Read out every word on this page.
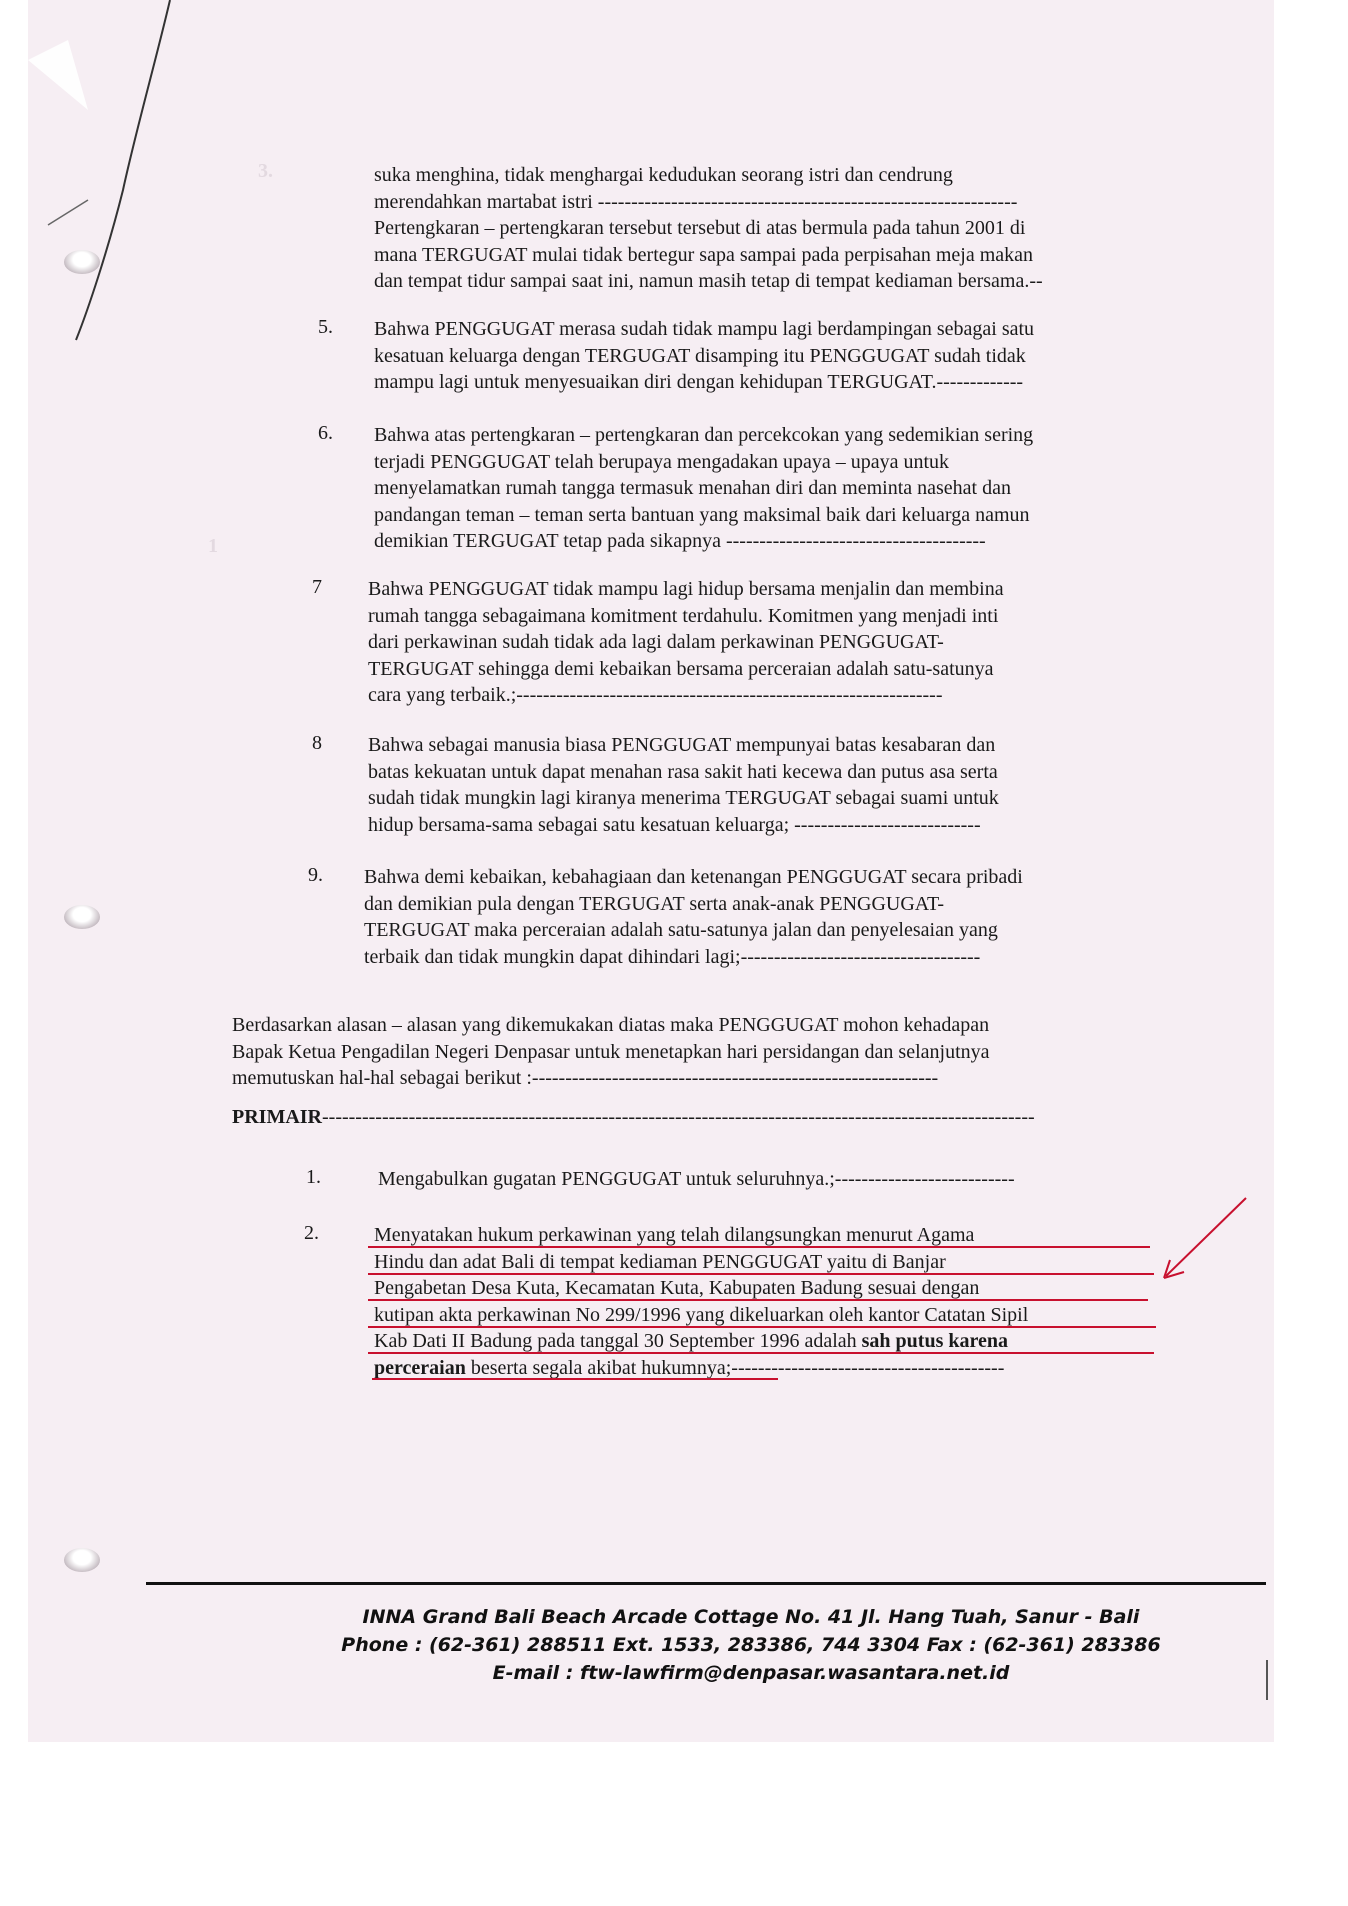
3.
1
suka menghina, tidak menghargai kedudukan seorang istri dan cendrung
merendahkan martabat istri ---------------------------------------------------------------
Pertengkaran – pertengkaran tersebut tersebut di atas bermula pada tahun 2001 di
mana TERGUGAT mulai tidak bertegur sapa sampai pada perpisahan meja makan
dan tempat tidur sampai saat ini, namun masih tetap di tempat kediaman bersama.--
5. Bahwa PENGGUGAT merasa sudah tidak mampu lagi berdampingan sebagai satu
kesatuan keluarga dengan TERGUGAT disamping itu PENGGUGAT sudah tidak
mampu lagi untuk menyesuaikan diri dengan kehidupan TERGUGAT.-------------
6. Bahwa atas pertengkaran – pertengkaran dan percekcokan yang sedemikian sering
terjadi PENGGUGAT telah berupaya mengadakan upaya – upaya untuk
menyelamatkan rumah tangga termasuk menahan diri dan meminta nasehat dan
pandangan teman – teman serta bantuan yang maksimal baik dari keluarga namun
demikian TERGUGAT tetap pada sikapnya ---------------------------------------
7 Bahwa PENGGUGAT tidak mampu lagi hidup bersama menjalin dan membina
rumah tangga sebagaimana komitment terdahulu. Komitmen yang menjadi inti
dari perkawinan sudah tidak ada lagi dalam perkawinan PENGGUGAT-
TERGUGAT sehingga demi kebaikan bersama perceraian adalah satu-satunya
cara yang terbaik.;----------------------------------------------------------------
8 Bahwa sebagai manusia biasa PENGGUGAT mempunyai batas kesabaran dan
batas kekuatan untuk dapat menahan rasa sakit hati kecewa dan putus asa serta
sudah tidak mungkin lagi kiranya menerima TERGUGAT sebagai suami untuk
hidup bersama-sama sebagai satu kesatuan keluarga; ----------------------------
9. Bahwa demi kebaikan, kebahagiaan dan ketenangan PENGGUGAT secara pribadi
dan demikian pula dengan TERGUGAT serta anak-anak PENGGUGAT-
TERGUGAT maka perceraian adalah satu-satunya jalan dan penyelesaian yang
terbaik dan tidak mungkin dapat dihindari lagi;------------------------------------
Berdasarkan alasan – alasan yang dikemukakan diatas maka PENGGUGAT mohon kehadapan
Bapak Ketua Pengadilan Negeri Denpasar untuk menetapkan hari persidangan dan selanjutnya
memutuskan hal-hal sebagai berikut :-------------------------------------------------------------
PRIMAIR-----------------------------------------------------------------------------------------------------------
1.	Mengabulkan gugatan PENGGUGAT untuk seluruhnya.;---------------------------
2.	Menyatakan hukum perkawinan yang telah dilangsungkan menurut Agama
Hindu dan adat Bali di tempat kediaman PENGGUGAT yaitu di Banjar
Pengabetan Desa Kuta, Kecamatan Kuta, Kabupaten Badung sesuai dengan
kutipan akta perkawinan No 299/1996 yang dikeluarkan oleh kantor Catatan Sipil
Kab Dati II Badung pada tanggal 30 September 1996 adalah sah putus karena
perceraian beserta segala akibat hukumnya;-----------------------------------------
INNA Grand Bali Beach Arcade Cottage No. 41 Jl. Hang Tuah, Sanur - Bali
Phone : (62-361) 288511 Ext. 1533, 283386, 744 3304 Fax : (62-361) 283386
E-mail : ftw-lawfirm@denpasar.wasantara.net.id
